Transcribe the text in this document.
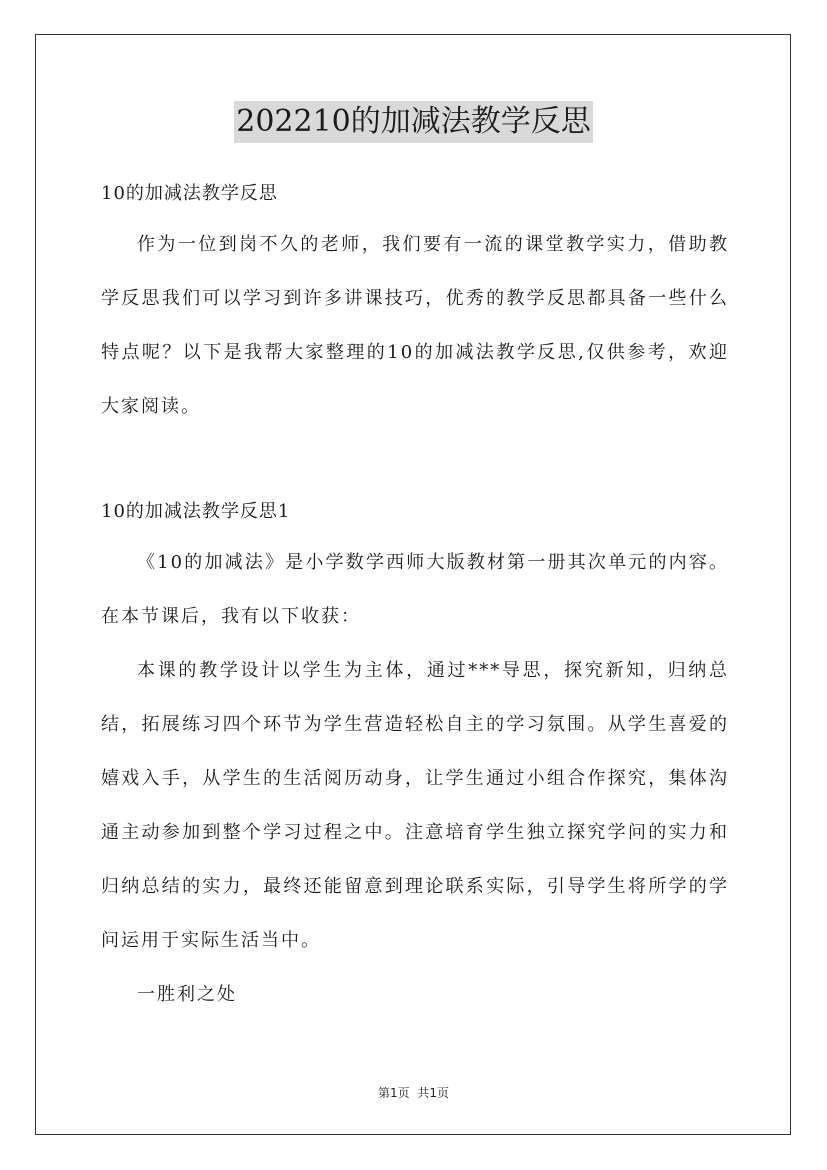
202210的加减法教学反思

10的加减法教学反思

作为一位到岗不久的老师，我们要有一流的课堂教学实力，借助教学反思我们可以学习到许多讲课技巧，优秀的教学反思都具备一些什么特点呢？以下是我帮大家整理的10的加减法教学反思,仅供参考，欢迎大家阅读。

10的加减法教学反思1

《10的加减法》是小学数学西师大版教材第一册其次单元的内容。在本节课后，我有以下收获：

本课的教学设计以学生为主体，通过***导思，探究新知，归纳总结，拓展练习四个环节为学生营造轻松自主的学习氛围。从学生喜爱的嬉戏入手，从学生的生活阅历动身，让学生通过小组合作探究，集体沟通主动参加到整个学习过程之中。注意培育学生独立探究学问的实力和归纳总结的实力，最终还能留意到理论联系实际，引导学生将所学的学问运用于实际生活当中。

一胜利之处

第1页 共1页
